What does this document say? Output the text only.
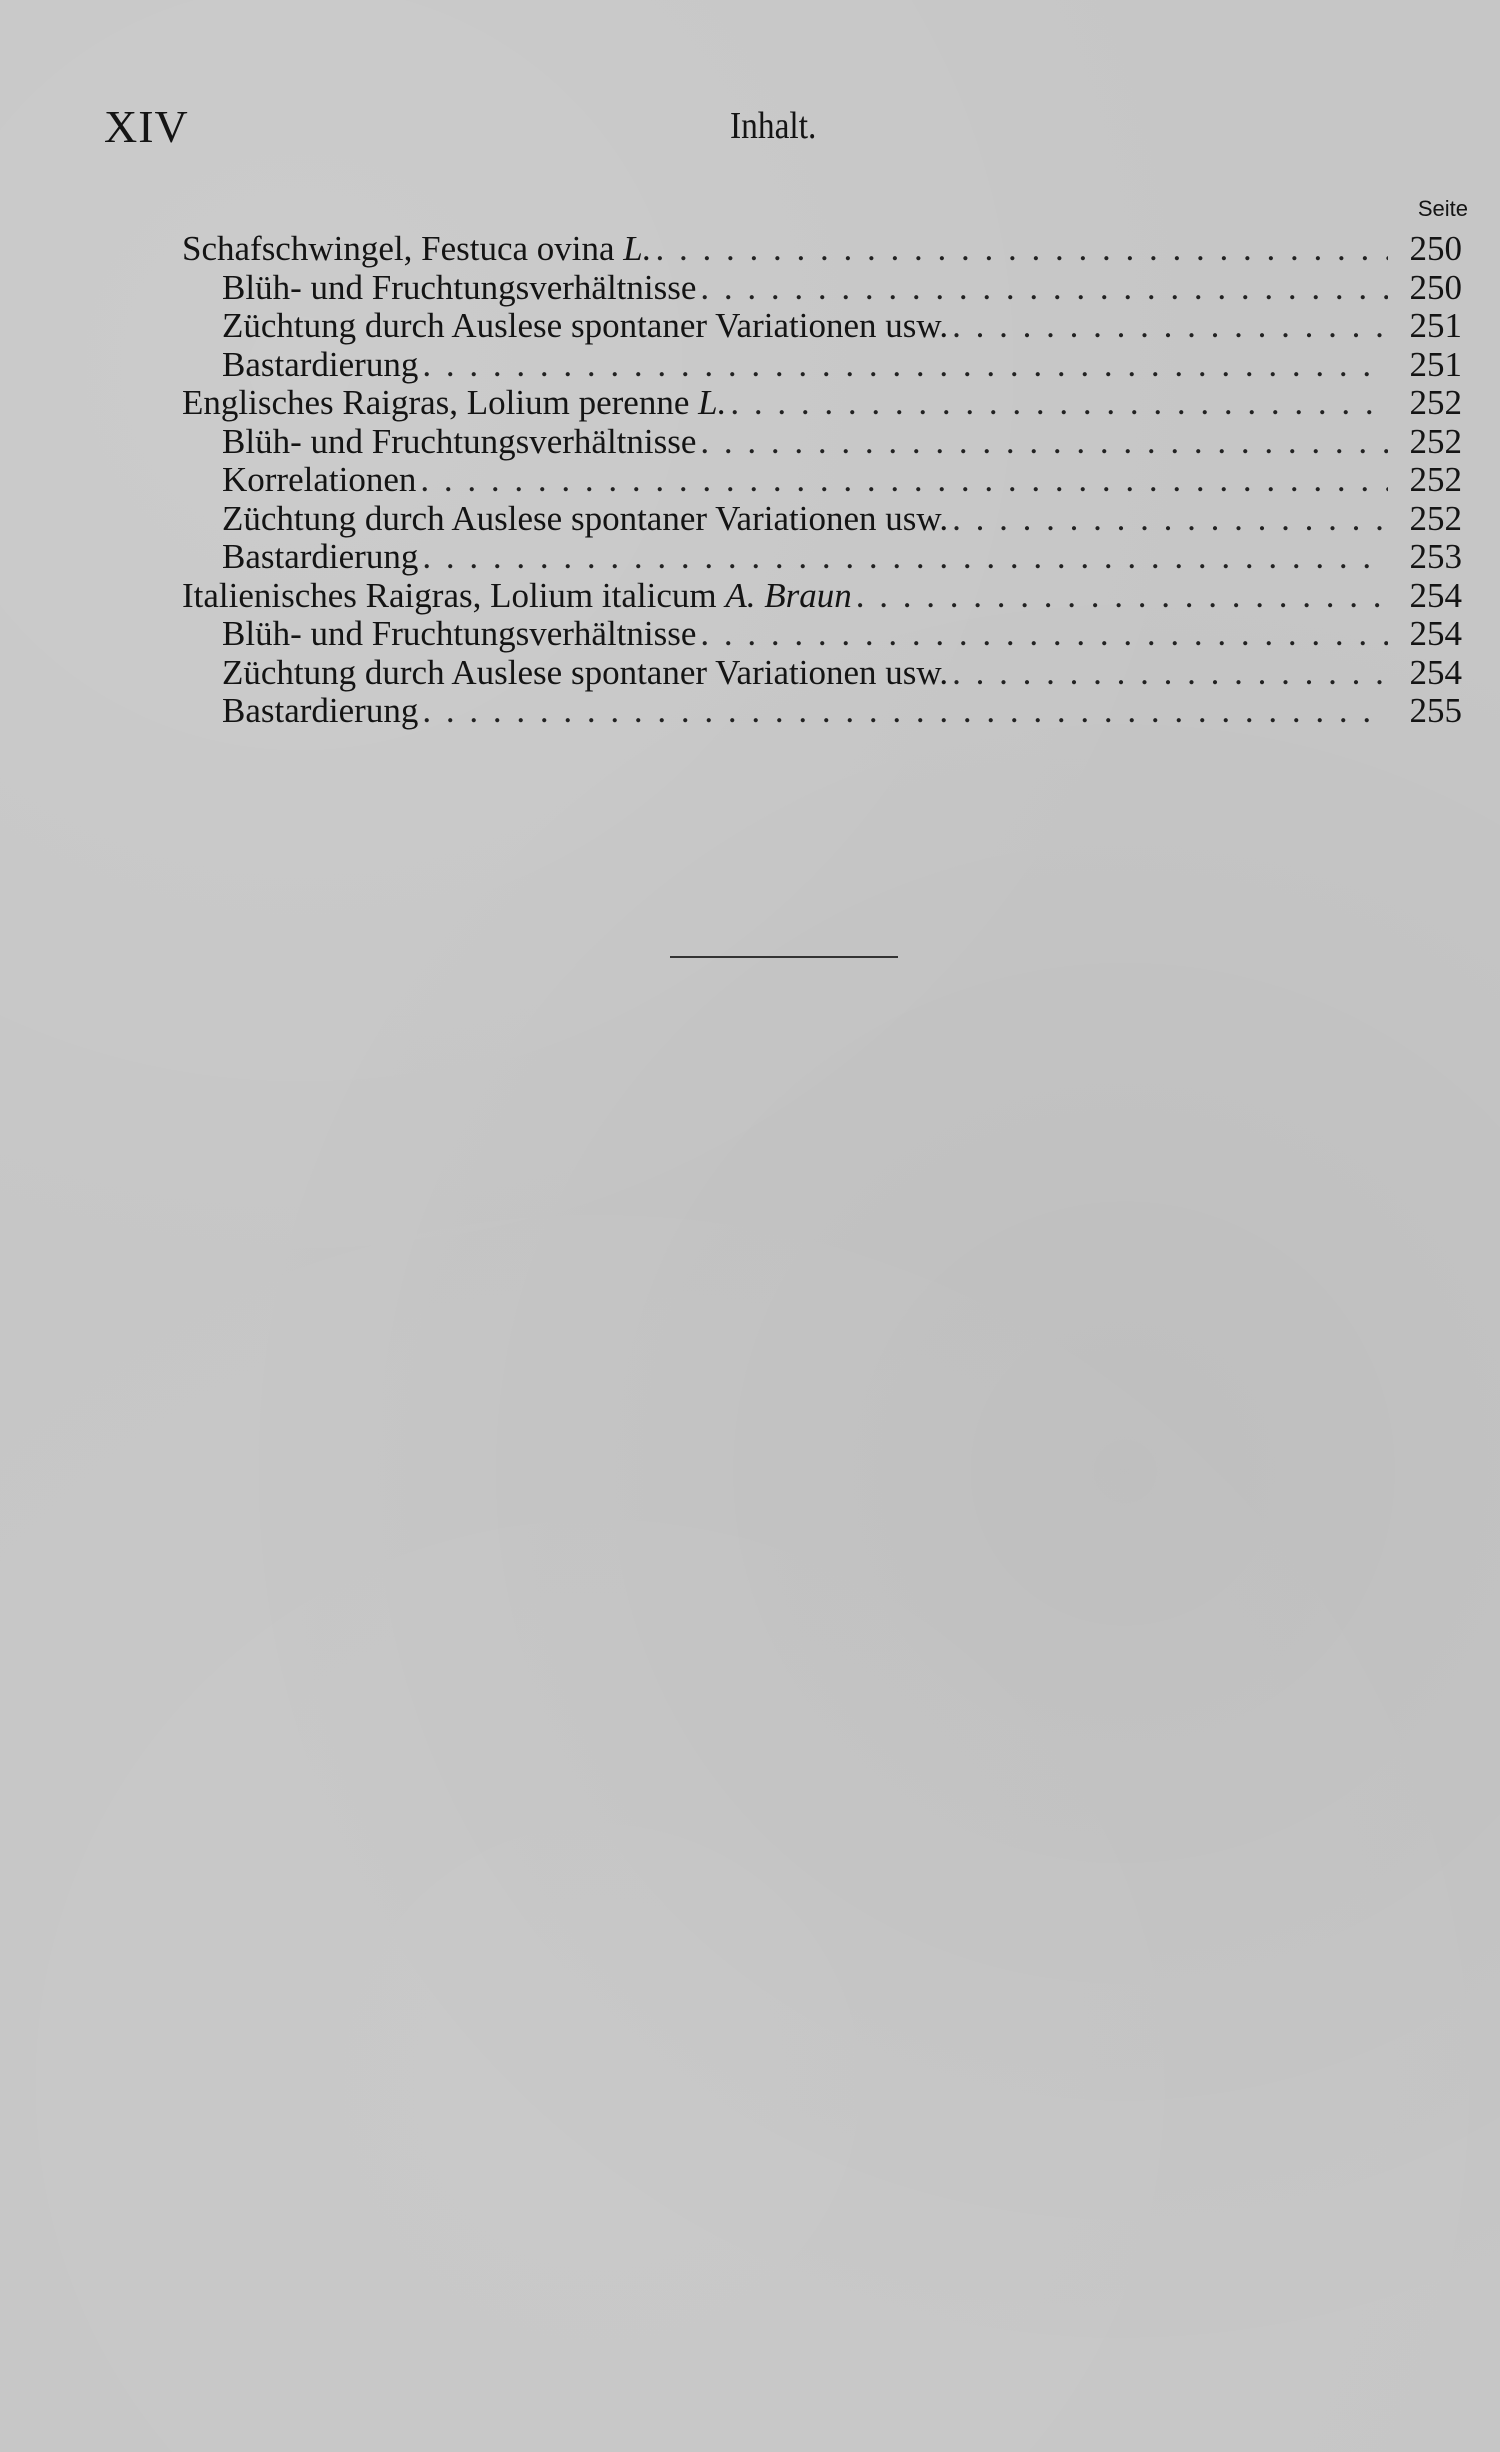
XIV	Inhalt.
Seite
Schafschwingel, Festuca ovina L. . . .	250
Blüh- und Fruchtungsverhältnisse . . .	250
Züchtung durch Auslese spontaner Variationen usw. . . .	251
Bastardierung . . .	251
Englisches Raigras, Lolium perenne L. . . .	252
Blüh- und Fruchtungsverhältnisse . . .	252
Korrelationen . . .	252
Züchtung durch Auslese spontaner Variationen usw. . . .	252
Bastardierung . . .	253
Italienisches Raigras, Lolium italicum A. Braun . . .	254
Blüh- und Fruchtungsverhältnisse . . .	254
Züchtung durch Auslese spontaner Variationen usw. . . .	254
Bastardierung . . .	255
